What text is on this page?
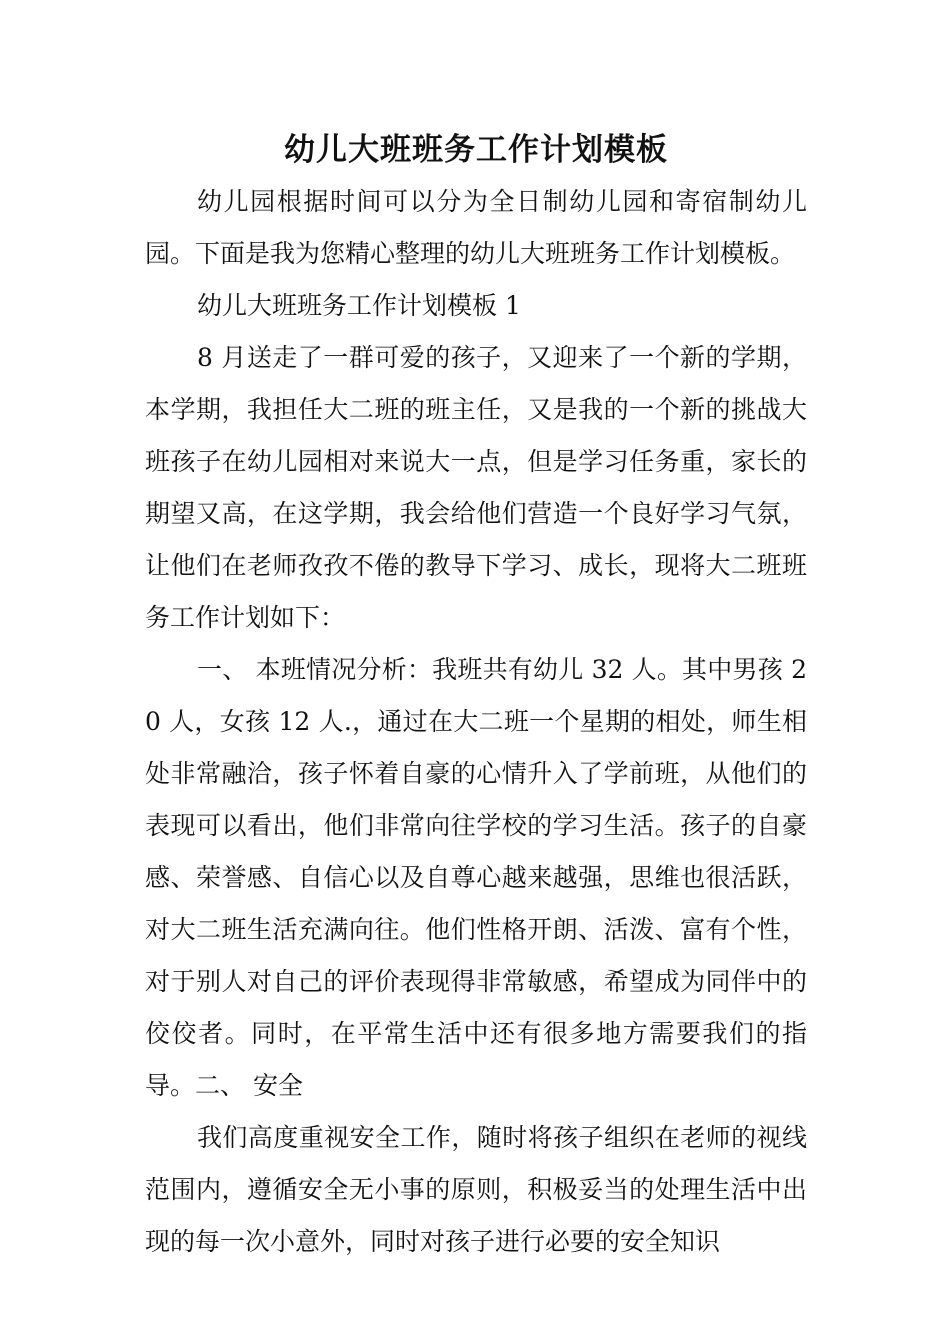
幼儿大班班务工作计划模板

幼儿园根据时间可以分为全日制幼儿园和寄宿制幼儿园。下面是我为您精心整理的幼儿大班班务工作计划模板。

幼儿大班班务工作计划模板 1

8 月送走了一群可爱的孩子，又迎来了一个新的学期，本学期，我担任大二班的班主任，又是我的一个新的挑战大班孩子在幼儿园相对来说大一点，但是学习任务重，家长的期望又高，在这学期，我会给他们营造一个良好学习气氛，让他们在老师孜孜不倦的教导下学习、成长，现将大二班班务工作计划如下：

一、 本班情况分析：我班共有幼儿 32 人。其中男孩 20 人，女孩 12 人.，通过在大二班一个星期的相处，师生相处非常融洽，孩子怀着自豪的心情升入了学前班，从他们的表现可以看出，他们非常向往学校的学习生活。孩子的自豪感、荣誉感、自信心以及自尊心越来越强，思维也很活跃，对大二班生活充满向往。他们性格开朗、活泼、富有个性，对于别人对自己的评价表现得非常敏感，希望成为同伴中的佼佼者。同时，在平常生活中还有很多地方需要我们的指导。二、 安全

我们高度重视安全工作，随时将孩子组织在老师的视线范围内，遵循安全无小事的原则，积极妥当的处理生活中出现的每一次小意外，同时对孩子进行必要的安全知识
